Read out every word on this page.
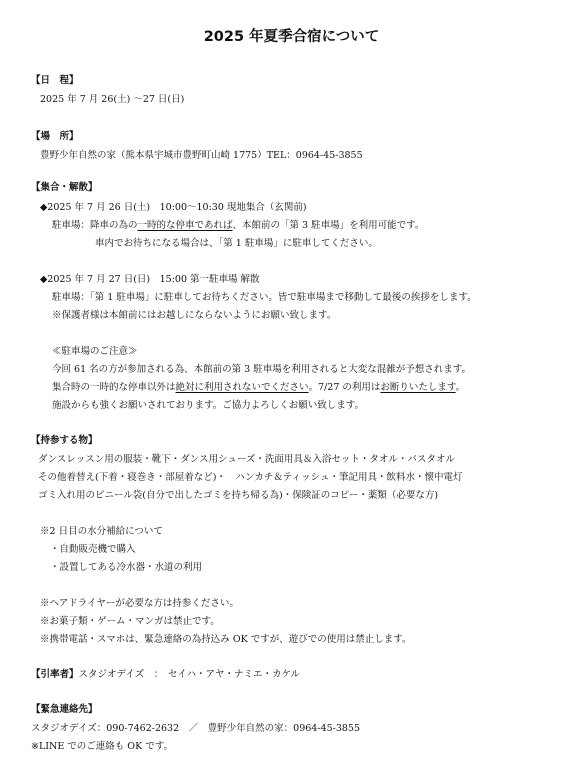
2025 年夏季合宿について
【日　程】
2025 年 7 月 26(土) ～27 日(日)
【場　所】
豊野少年自然の家（熊本県宇城市豊野町山崎 1775）TEL：0964-45-3855
【集合・解散】
◆2025 年 7 月 26 日(土)　10:00～10:30 現地集合（玄関前)
駐車場：降車の為の一時的な停車であれば、本館前の「第 3 駐車場」を利用可能です。
車内でお待ちになる場合は、「第 1 駐車場」に駐車してください。
◆2025 年 7 月 27 日(日)　15:00 第一駐車場 解散
駐車場：「第 1 駐車場」に駐車してお待ちください。皆で駐車場まで移動して最後の挨拶をします。
※保護者様は本館前にはお越しにならないようにお願い致します。
≪駐車場のご注意≫
今回 61 名の方が参加される為、本館前の第 3 駐車場を利用されると大変な混雑が予想されます。
集合時の一時的な停車以外は絶対に利用されないでください。7/27 の利用はお断りいたします。
施設からも強くお願いされております。ご協力よろしくお願い致します。
【持参する物】
ダンスレッスン用の服装・靴下・ダンス用シューズ・洗面用具＆入浴セット・タオル・バスタオル
その他着替え(下着・寝巻き・部屋着など)・　ハンカチ＆ティッシュ・筆記用具・飲料水・懐中電灯
ゴミ入れ用のビニール袋(自分で出したゴミを持ち帰る為)・保険証のコピー・薬類（必要な方)
※2 日目の水分補給について
・自動販売機で購入
・設置してある冷水器・水道の利用
※ヘアドライヤーが必要な方は持参ください。
※お菓子類・ゲーム・マンガは禁止です。
※携帯電話・スマホは、緊急連絡の為持込み OK ですが、遊びでの使用は禁止します。
【引率者】スタジオデイズ　：　セイハ・アヤ・ナミエ・カケル
【緊急連絡先】
スタジオデイズ：090-7462-2632　／　豊野少年自然の家：0964-45-3855
※LINE でのご連絡も OK です。
